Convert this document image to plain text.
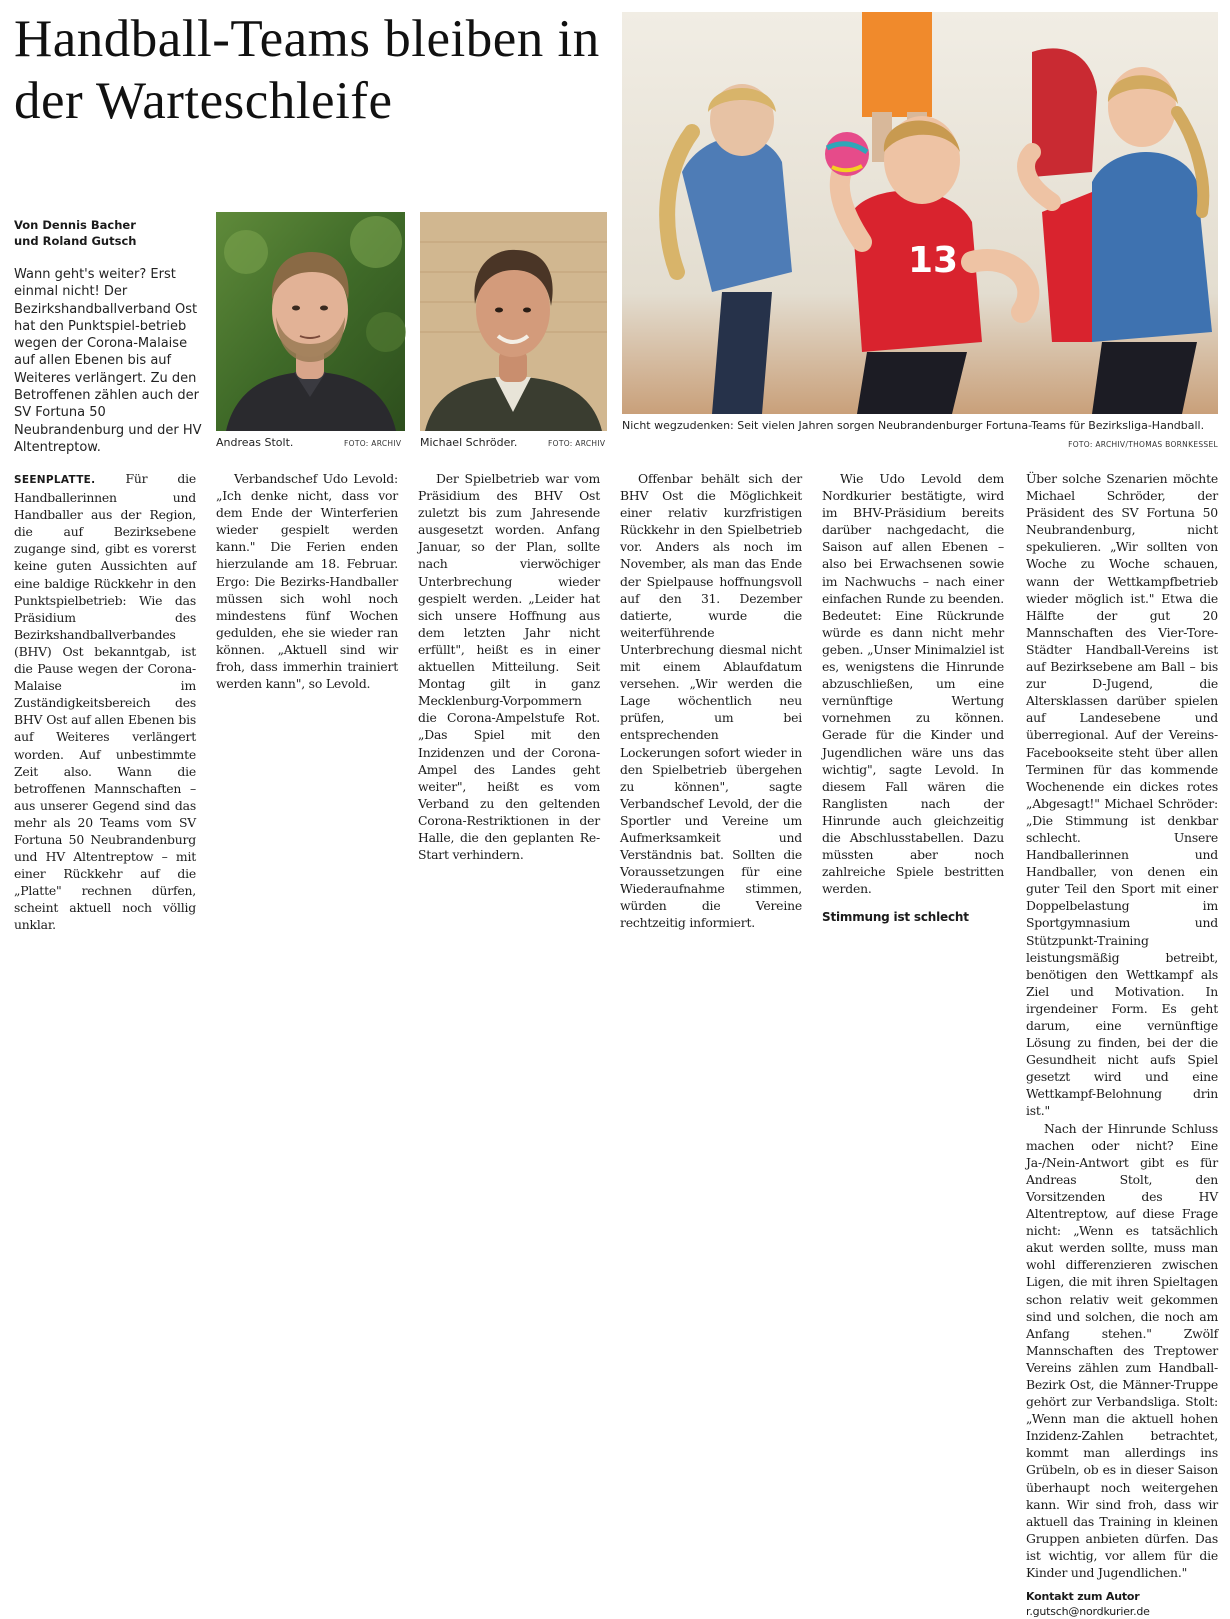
Handball-Teams bleiben in der Warteschleife
Von Dennis Bacher
und Roland Gutsch
Wann geht's weiter? Erst einmal nicht! Der Bezirkshandballverband Ost hat den Punktspiel-betrieb wegen der Corona-Malaise auf allen Ebenen bis auf Weiteres verlängert. Zu den Betroffenen zählen auch der SV Fortuna 50 Neubrandenburg und der HV Altentreptow.	Andreas Stolt.	FOTO: ARCHIV Michael Schröder.	FOTO: ARCHIV
13
Nicht wegzudenken: Seit vielen Jahren sorgen Neubrandenburger Fortuna-Teams für Bezirksliga-Handball.
FOTO: ARCHIV/THOMAS BORNKESSEL

SEENPLATTE. Für die Handballerinnen und Handballer aus der Region, die auf Bezirksebene zugange sind, gibt es vorerst keine guten Aussichten auf eine baldige Rückkehr in den Punktspielbetrieb: Wie das Präsidium des Bezirkshandballverbandes (BHV) Ost bekanntgab, ist die Pause wegen der Corona-Malaise im Zuständigkeitsbereich des BHV Ost auf allen Ebenen bis auf Weiteres verlängert worden. Auf unbestimmte Zeit also. Wann die betroffenen Mannschaften – aus unserer Gegend sind das mehr als 20 Teams vom SV Fortuna 50 Neubrandenburg und HV Altentreptow – mit einer Rückkehr auf die „Platte" rechnen dürfen, scheint aktuell noch völlig unklar.

Verbandschef Udo Levold: „Ich denke nicht, dass vor dem Ende der Winterferien wieder gespielt werden kann." Die Ferien enden hierzulande am 18. Februar. Ergo: Die Bezirks-Handballer müssen sich wohl noch mindestens fünf Wochen gedulden, ehe sie wieder ran können. „Aktuell sind wir froh, dass immerhin trainiert werden kann", so Levold.

Der Spielbetrieb war vom Präsidium des BHV Ost zuletzt bis zum Jahresende ausgesetzt worden. Anfang Januar, so der Plan, sollte nach vierwöchiger Unterbrechung wieder gespielt werden. „Leider hat sich unsere Hoffnung aus dem letzten Jahr nicht erfüllt", heißt es in einer aktuellen Mitteilung. Seit Montag gilt in ganz Mecklenburg-Vorpommern die Corona-Ampelstufe Rot. „Das Spiel mit den Inzidenzen und der Corona-Ampel des Landes geht weiter", heißt es vom Verband zu den geltenden Corona-Restriktionen in der Halle, die den geplanten Re-Start verhindern.

Offenbar behält sich der BHV Ost die Möglichkeit einer relativ kurzfristigen Rückkehr in den Spielbetrieb vor. Anders als noch im November, als man das Ende der Spielpause hoffnungsvoll auf den 31. Dezember datierte, wurde die weiterführende Unterbrechung diesmal nicht mit einem Ablaufdatum versehen. „Wir werden die Lage wöchentlich neu prüfen, um bei entsprechenden Lockerungen sofort wieder in den Spielbetrieb übergehen zu können", sagte Verbandschef Levold, der die Sportler und Vereine um Aufmerksamkeit und Verständnis bat. Sollten die Voraussetzungen für eine Wiederaufnahme stimmen, würden die Vereine rechtzeitig informiert.

Wie Udo Levold dem Nordkurier bestätigte, wird im BHV-Präsidium bereits darüber nachgedacht, die Saison auf allen Ebenen – also bei Erwachsenen sowie im Nachwuchs – nach einer einfachen Runde zu beenden. Bedeutet: Eine Rückrunde würde es dann nicht mehr geben. „Unser Minimalziel ist es, wenigstens die Hinrunde abzuschließen, um eine vernünftige Wertung vornehmen zu können. Gerade für die Kinder und Jugendlichen wäre uns das wichtig", sagte Levold. In diesem Fall wären die Ranglisten nach der Hinrunde auch gleichzeitig die Abschlusstabellen. Dazu müssten aber noch zahlreiche Spiele bestritten werden.

Stimmung ist schlecht

Über solche Szenarien möchte Michael Schröder, der Präsident des SV Fortuna 50 Neubrandenburg, nicht spekulieren. „Wir sollten von Woche zu Woche schauen, wann der Wettkampfbetrieb wieder möglich ist." Etwa die Hälfte der gut 20 Mannschaften des Vier-Tore-Städter Handball-Vereins ist auf Bezirksebene am Ball – bis zur D-Jugend, die Altersklassen darüber spielen auf Landesebene und überregional. Auf der Vereins-Facebookseite steht über allen Terminen für das kommende Wochenende ein dickes rotes „Abgesagt!" Michael Schröder: „Die Stimmung ist denkbar schlecht. Unsere Handballerinnen und Handballer, von denen ein guter Teil den Sport mit einer Doppelbelastung im Sportgymnasium und Stützpunkt-Training leistungsmäßig betreibt, benötigen den Wettkampf als Ziel und Motivation. In irgendeiner Form. Es geht darum, eine vernünftige Lösung zu finden, bei der die Gesundheit nicht aufs Spiel gesetzt wird und eine Wettkampf-Belohnung drin ist."

Nach der Hinrunde Schluss machen oder nicht? Eine Ja-/Nein-Antwort gibt es für Andreas Stolt, den Vorsitzenden des HV Altentreptow, auf diese Frage nicht: „Wenn es tatsächlich akut werden sollte, muss man wohl differenzieren zwischen Ligen, die mit ihren Spieltagen schon relativ weit gekommen sind und solchen, die noch am Anfang stehen." Zwölf Mannschaften des Treptower Vereins zählen zum Handball-Bezirk Ost, die Männer-Truppe gehört zur Verbandsliga. Stolt: „Wenn man die aktuell hohen Inzidenz-Zahlen betrachtet, kommt man allerdings ins Grübeln, ob es in dieser Saison überhaupt noch weitergehen kann. Wir sind froh, dass wir aktuell das Training in kleinen Gruppen anbieten dürfen. Das ist wichtig, vor allem für die Kinder und Jugendlichen."

Kontakt zum Autor

r.gutsch@nordkurier.de
